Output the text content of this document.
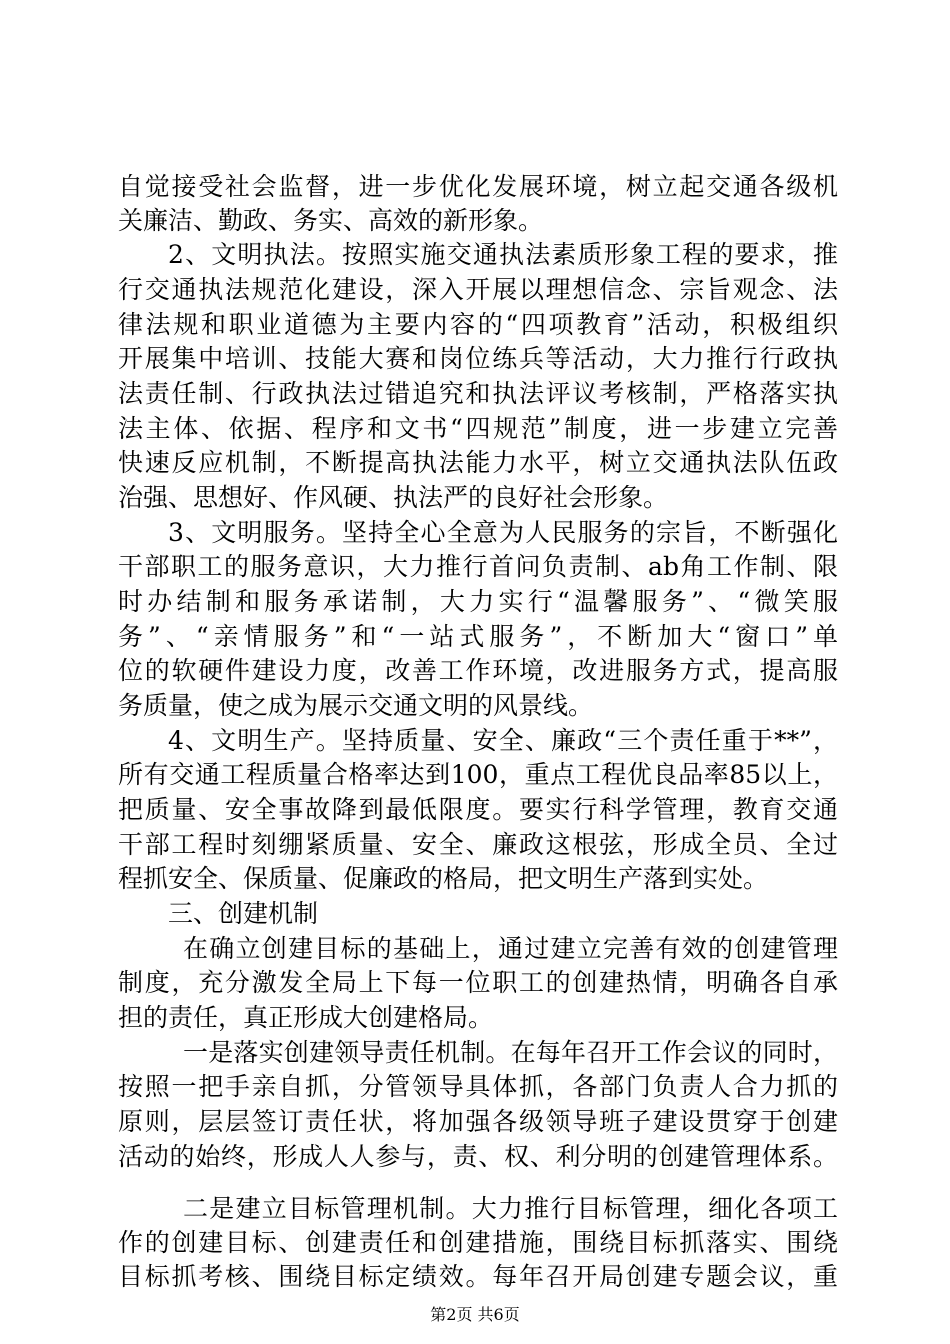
自觉接受社会监督，进一步优化发展环境，树立起交通各级机
关廉洁、勤政、务实、高效的新形象。
2、文明执法。按照实施交通执法素质形象工程的要求，推
行交通执法规范化建设，深入开展以理想信念、宗旨观念、法
律法规和职业道德为主要内容的“四项教育”活动，积极组织
开展集中培训、技能大赛和岗位练兵等活动，大力推行行政执
法责任制、行政执法过错追究和执法评议考核制，严格落实执
法主体、依据、程序和文书“四规范”制度，进一步建立完善
快速反应机制，不断提高执法能力水平，树立交通执法队伍政
治强、思想好、作风硬、执法严的良好社会形象。
3、文明服务。坚持全心全意为人民服务的宗旨，不断强化
干部职工的服务意识，大力推行首问负责制、ab角工作制、限
时办结制和服务承诺制，大力实行“温馨服务”、“微笑服
务”、“亲情服务”和“一站式服务”，不断加大“窗口”单
位的软硬件建设力度，改善工作环境，改进服务方式，提高服
务质量，使之成为展示交通文明的风景线。
4、文明生产。坚持质量、安全、廉政“三个责任重于**”，
所有交通工程质量合格率达到100，重点工程优良品率85以上，
把质量、安全事故降到最低限度。要实行科学管理，教育交通
干部工程时刻绷紧质量、安全、廉政这根弦，形成全员、全过
程抓安全、保质量、促廉政的格局，把文明生产落到实处。
三、创建机制
在确立创建目标的基础上，通过建立完善有效的创建管理
制度，充分激发全局上下每一位职工的创建热情，明确各自承
担的责任，真正形成大创建格局。
一是落实创建领导责任机制。在每年召开工作会议的同时，
按照一把手亲自抓，分管领导具体抓，各部门负责人合力抓的
原则，层层签订责任状，将加强各级领导班子建设贯穿于创建
活动的始终，形成人人参与，责、权、利分明的创建管理体系。
二是建立目标管理机制。大力推行目标管理，细化各项工
作的创建目标、创建责任和创建措施，围绕目标抓落实、围绕
目标抓考核、围绕目标定绩效。每年召开局创建专题会议，重
第2页 共6页
